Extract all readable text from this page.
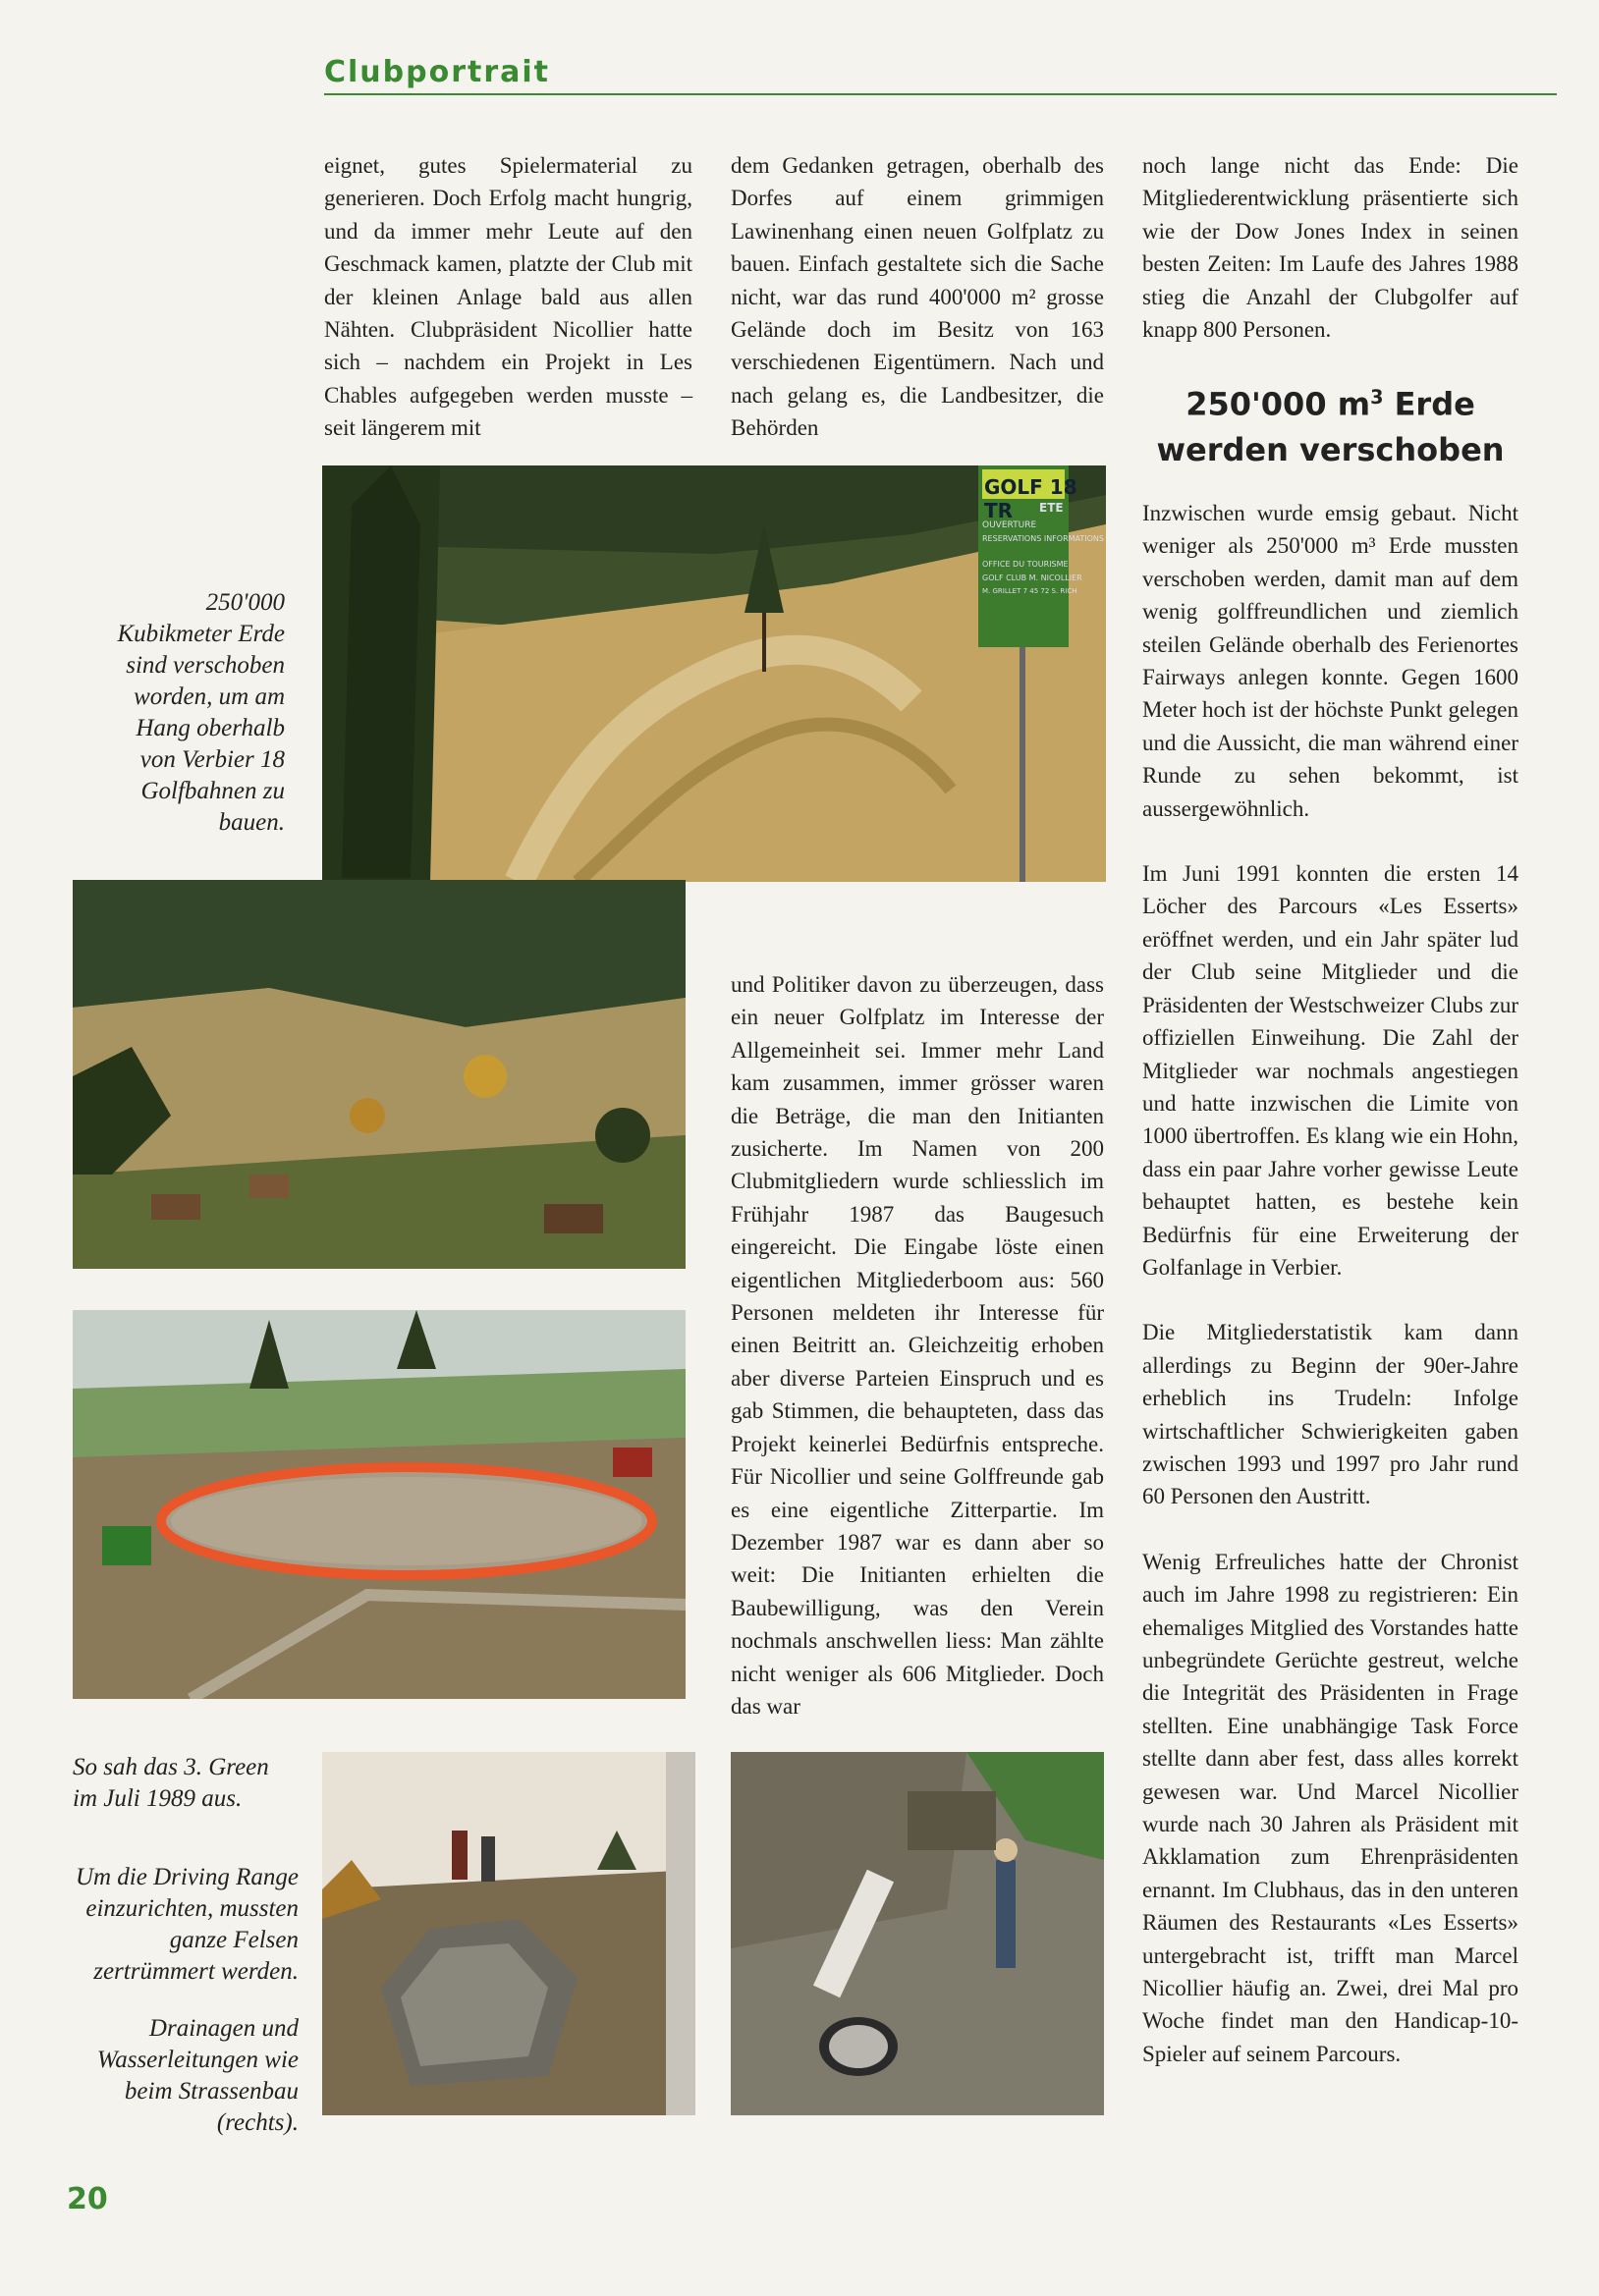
Clubportrait
eignet, gutes Spielermaterial zu generieren. Doch Erfolg macht hungrig, und da immer mehr Leute auf den Geschmack kamen, platzte der Club mit der kleinen Anlage bald aus allen Nähten. Clubpräsident Nicollier hatte sich – nachdem ein Projekt in Les Chables aufgegeben werden musste – seit längerem mit
dem Gedanken getragen, oberhalb des Dorfes auf einem grimmigen Lawinenhang einen neuen Golfplatz zu bauen. Einfach gestaltete sich die Sache nicht, war das rund 400'000 m² grosse Gelände doch im Besitz von 163 verschiedenen Eigentümern. Nach und nach gelang es, die Landbesitzer, die Behörden
noch lange nicht das Ende: Die Mitgliederentwicklung präsentierte sich wie der Dow Jones Index in seinen besten Zeiten: Im Laufe des Jahres 1988 stieg die Anzahl der Clubgolfer auf knapp 800 Personen.
250'000 $m^3$ Erde
werden verschoben

Inzwischen wurde emsig gebaut. Nicht weniger als 250'000 m³ Erde mussten verschoben werden, damit man auf dem wenig golffreundlichen und ziemlich steilen Gelände oberhalb des Ferienortes Fairways anlegen konnte. Gegen 1600 Meter hoch ist der höchste Punkt gelegen und die Aussicht, die man während einer Runde zu sehen bekommt, ist aussergewöhnlich.

Im Juni 1991 konnten die ersten 14 Löcher des Parcours «Les Esserts» eröffnet werden, und ein Jahr später lud der Club seine Mitglieder und die Präsidenten der Westschweizer Clubs zur offiziellen Einweihung. Die Zahl der Mitglieder war nochmals angestiegen und hatte inzwischen die Limite von 1000 übertroffen. Es klang wie ein Hohn, dass ein paar Jahre vorher gewisse Leute behauptet hatten, es bestehe kein Bedürfnis für eine Erweiterung der Golfanlage in Verbier.

Die Mitgliederstatistik kam dann allerdings zu Beginn der 90er-Jahre erheblich ins Trudeln: Infolge wirtschaftlicher Schwierigkeiten gaben zwischen 1993 und 1997 pro Jahr rund 60 Personen den Austritt.

Wenig Erfreuliches hatte der Chronist auch im Jahre 1998 zu registrieren: Ein ehemaliges Mitglied des Vorstandes hatte unbegründete Gerüchte gestreut, welche die Integrität des Präsidenten in Frage stellten. Eine unabhängige Task Force stellte dann aber fest, dass alles korrekt gewesen war. Und Marcel Nicollier wurde nach 30 Jahren als Präsident mit Akklamation zum Ehrenpräsidenten ernannt. Im Clubhaus, das in den unteren Räumen des Restaurants «Les Esserts» untergebracht ist, trifft man Marcel Nicollier häufig an. Zwei, drei Mal pro Woche findet man den Handicap-10-Spieler auf seinem Parcours.

und Politiker davon zu überzeugen, dass ein neuer Golfplatz im Interesse der Allgemeinheit sei. Immer mehr Land kam zusammen, immer grösser waren die Beträge, die man den Initianten zusicherte. Im Namen von 200 Clubmitgliedern wurde schliesslich im Frühjahr 1987 das Baugesuch eingereicht. Die Eingabe löste einen eigentlichen Mitgliederboom aus: 560 Personen meldeten ihr Interesse für einen Beitritt an. Gleichzeitig erhoben aber diverse Parteien Einspruch und es gab Stimmen, die behaupteten, dass das Projekt keinerlei Bedürfnis entspreche. Für Nicollier und seine Golffreunde gab es eine eigentliche Zitterpartie. Im Dezember 1987 war es dann aber so weit: Die Initianten erhielten die Baubewilligung, was den Verein nochmals anschwellen liess: Man zählte nicht weniger als 606 Mitglieder. Doch das war
250'000 Kubikmeter Erde sind verschoben worden, um am Hang oberhalb von Verbier 18 Golfbahnen zu bauen.
So sah das 3. Green im Juli 1989 aus.
Um die Driving Range einzurichten, mussten ganze Felsen zertrümmert werden.
Drainagen und Wasserleitungen wie beim Strassenbau (rechts).
GOLF 18 TR	ETE
OUVERTURE
RESERVATIONS INFORMATIONS
OFFICE DU TOURISME
GOLF CLUB M. NICOLLIER
M. GRILLET 7 45 72 S. RICH
20
